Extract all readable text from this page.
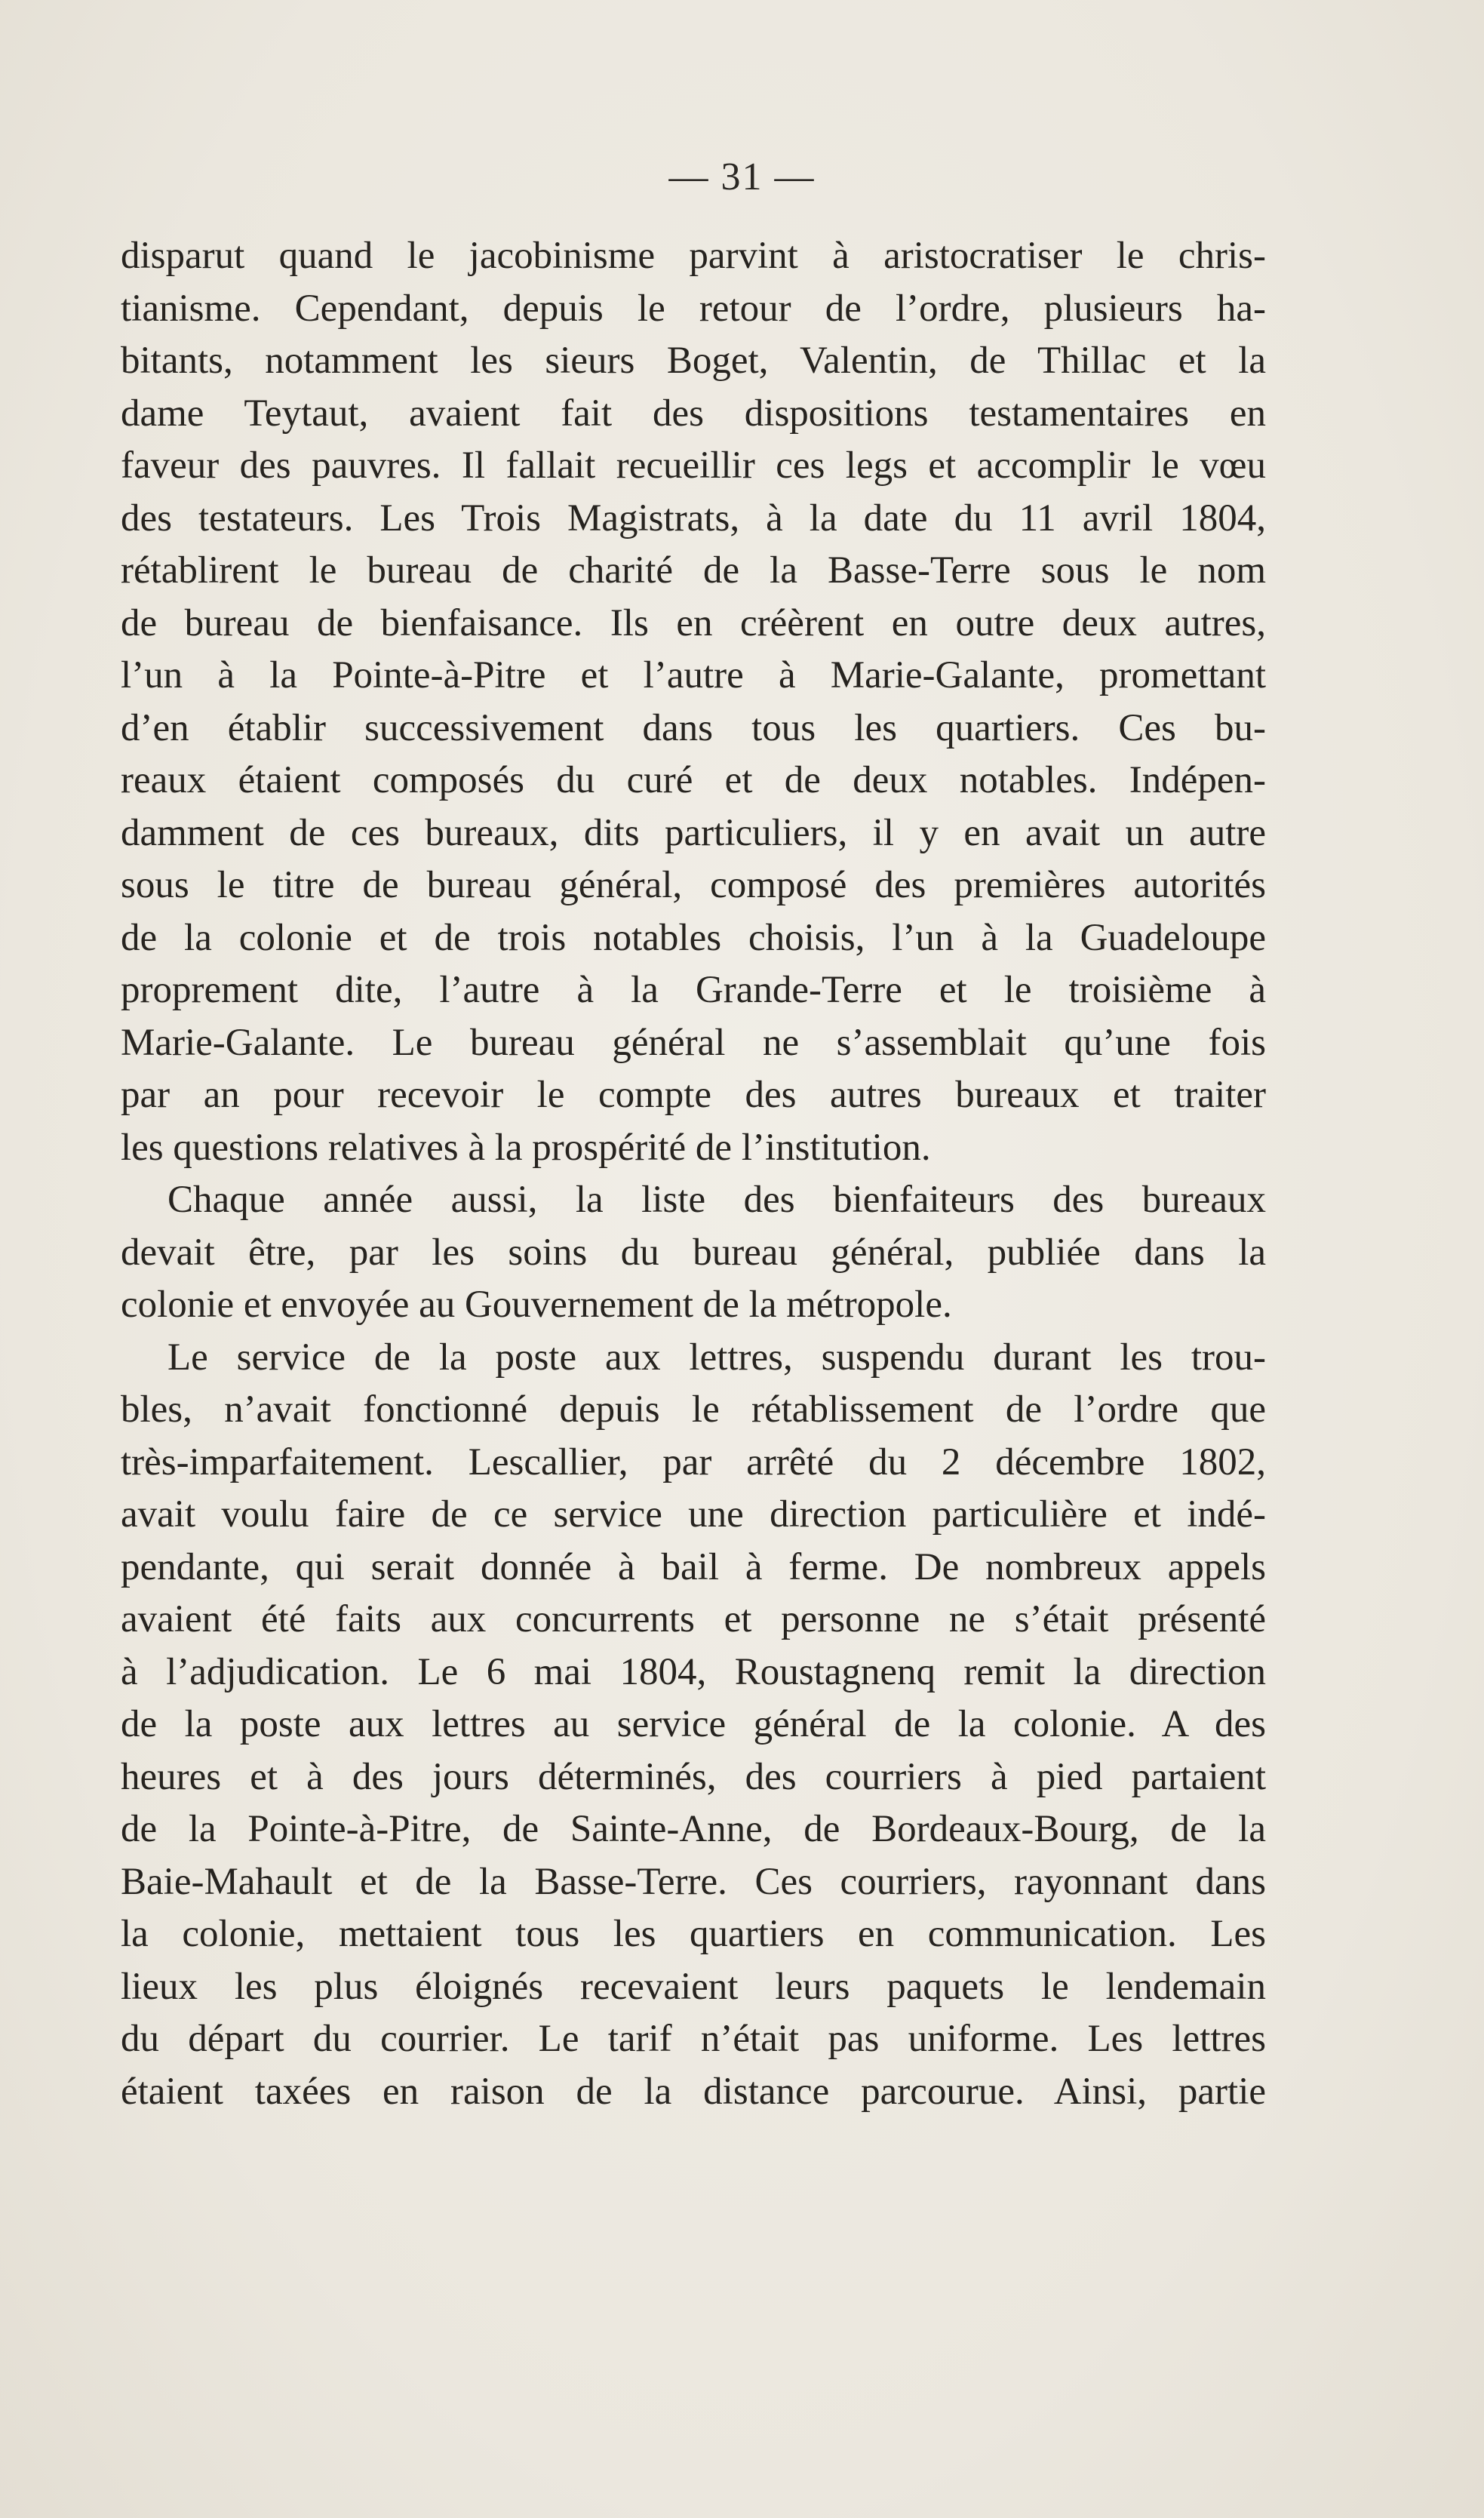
— 31 —
disparut quand le jacobinisme parvint à aristocratiser le chris-
tianisme. Cependant, depuis le retour de l’ordre, plusieurs ha-
bitants, notamment les sieurs Boget, Valentin, de Thillac et la
dame Teytaut, avaient fait des dispositions testamentaires en
faveur des pauvres. Il fallait recueillir ces legs et accomplir le vœu
des testateurs. Les Trois Magistrats, à la date du 11 avril 1804,
rétablirent le bureau de charité de la Basse-Terre sous le nom
de bureau de bienfaisance. Ils en créèrent en outre deux autres,
l’un à la Pointe-à-Pitre et l’autre à Marie-Galante, promettant
d’en établir successivement dans tous les quartiers. Ces bu-
reaux étaient composés du curé et de deux notables. Indépen-
damment de ces bureaux, dits particuliers, il y en avait un autre
sous le titre de bureau général, composé des premières autorités
de la colonie et de trois notables choisis, l’un à la Guadeloupe
proprement dite, l’autre à la Grande-Terre et le troisième à
Marie-Galante. Le bureau général ne s’assemblait qu’une fois
par an pour recevoir le compte des autres bureaux et traiter
les questions relatives à la prospérité de l’institution.
Chaque année aussi, la liste des bienfaiteurs des bureaux
devait être, par les soins du bureau général, publiée dans la
colonie et envoyée au Gouvernement de la métropole.
Le service de la poste aux lettres, suspendu durant les trou-
bles, n’avait fonctionné depuis le rétablissement de l’ordre que
très-imparfaitement. Lescallier, par arrêté du 2 décembre 1802,
avait voulu faire de ce service une direction particulière et indé-
pendante, qui serait donnée à bail à ferme. De nombreux appels
avaient été faits aux concurrents et personne ne s’était présenté
à l’adjudication. Le 6 mai 1804, Roustagnenq remit la direction
de la poste aux lettres au service général de la colonie. A des
heures et à des jours déterminés, des courriers à pied partaient
de la Pointe-à-Pitre, de Sainte-Anne, de Bordeaux-Bourg, de la
Baie-Mahault et de la Basse-Terre. Ces courriers, rayonnant dans
la colonie, mettaient tous les quartiers en communication. Les
lieux les plus éloignés recevaient leurs paquets le lendemain
du départ du courrier. Le tarif n’était pas uniforme. Les lettres
étaient taxées en raison de la distance parcourue. Ainsi, partie
